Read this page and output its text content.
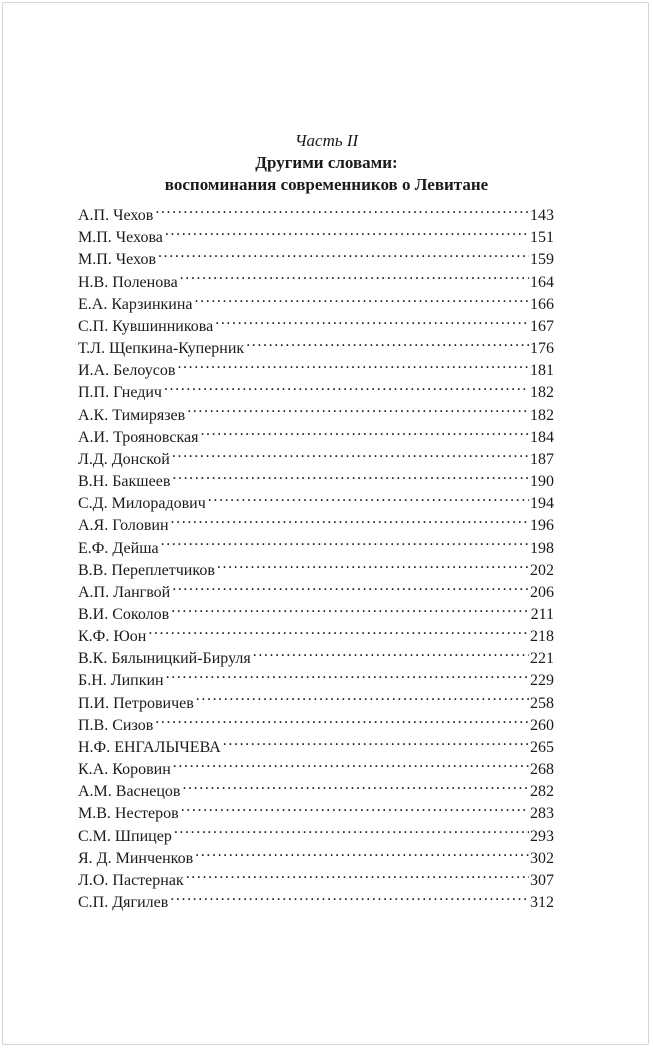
Часть II
Другими словами:
воспоминания современников о Левитане
А.П. Чехов . . .	143
М.П. Чехова . . .	151
М.П. Чехов . . .	159
Н.В. Поленова . . .	164
Е.А. Карзинкина . . .	166
С.П. Кувшинникова . . .	167
Т.Л. Щепкина-Куперник . . .	176
И.А. Белоусов . . .	181
П.П. Гнедич . . .	182
А.К. Тимирязев . . .	182
А.И. Трояновская . . .	184
Л.Д. Донской . . .	187
В.Н. Бакшеев . . .	190
С.Д. Милорадович . . .	194
А.Я. Головин . . .	196
Е.Ф. Дейша . . .	198
В.В. Переплетчиков . . .	202
А.П. Лангвой . . .	206
В.И. Соколов . . .	211
К.Ф. Юон . . .	218
В.К. Бялыницкий-Бируля . . .	221
Б.Н. Липкин . . .	229
П.И. Петровичев . . .	258
П.В. Сизов . . .	260
Н.Ф. ЕНГАЛЫЧЕВА . . .	265
К.А. Коровин . . .	268
А.М. Васнецов . . .	282
М.В. Нестеров . . .	283
С.М. Шпицер . . .	293
Я. Д. Минченков . . .	302
Л.О. Пастернак . . .	307
С.П. Дягилев . . .	312
